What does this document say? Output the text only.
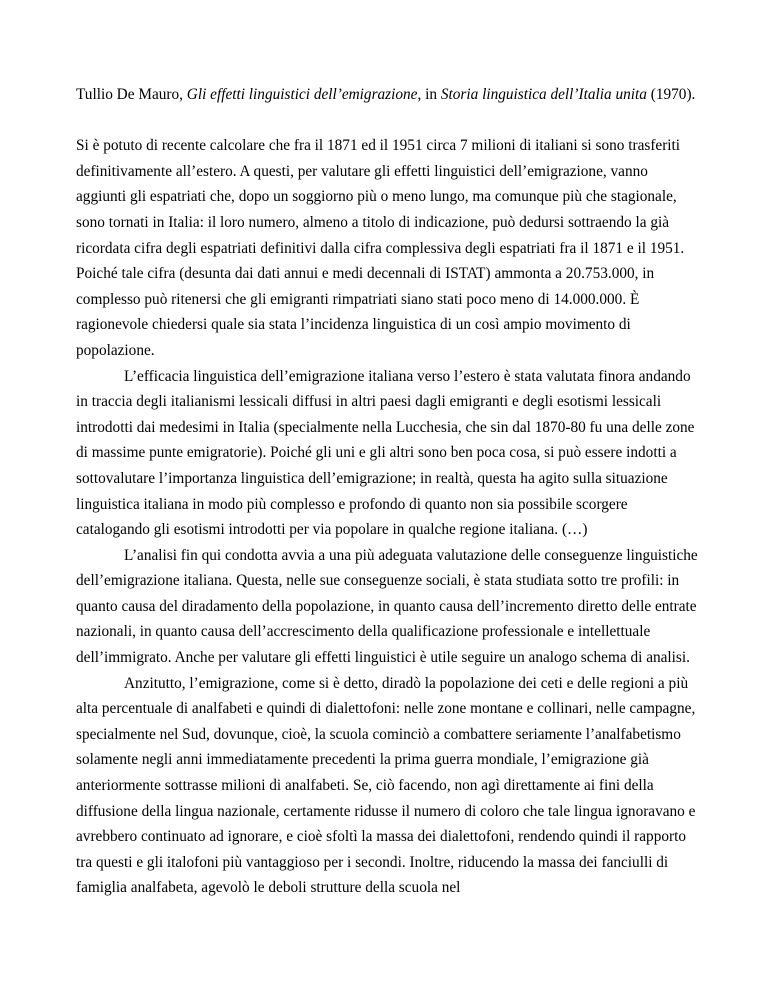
Tullio De Mauro, Gli effetti linguistici dell’emigrazione, in Storia linguistica dell’Italia unita (1970).

Si è potuto di recente calcolare che fra il 1871 ed il 1951 circa 7 milioni di italiani si sono trasferiti definitivamente all’estero. A questi, per valutare gli effetti linguistici dell’emigrazione, vanno aggiunti gli espatriati che, dopo un soggiorno più o meno lungo, ma comunque più che stagionale, sono tornati in Italia: il loro numero, almeno a titolo di indicazione, può dedursi sottraendo la già ricordata cifra degli espatriati definitivi dalla cifra complessiva degli espatriati fra il 1871 e il 1951. Poiché tale cifra (desunta dai dati annui e medi decennali di ISTAT) ammonta a 20.753.000, in complesso può ritenersi che gli emigranti rimpatriati siano stati poco meno di 14.000.000. È ragionevole chiedersi quale sia stata l’incidenza linguistica di un così ampio movimento di popolazione.

L’efficacia linguistica dell’emigrazione italiana verso l’estero è stata valutata finora andando in traccia degli italianismi lessicali diffusi in altri paesi dagli emigranti e degli esotismi lessicali introdotti dai medesimi in Italia (specialmente nella Lucchesia, che sin dal 1870-80 fu una delle zone di massime punte emigratorie). Poiché gli uni e gli altri sono ben poca cosa, si può essere indotti a sottovalutare l’importanza linguistica dell’emigrazione; in realtà, questa ha agito sulla situazione linguistica italiana in modo più complesso e profondo di quanto non sia possibile scorgere catalogando gli esotismi introdotti per via popolare in qualche regione italiana. (…)

L’analisi fin qui condotta avvia a una più adeguata valutazione delle conseguenze linguistiche dell’emigrazione italiana. Questa, nelle sue conseguenze sociali, è stata studiata sotto tre profili: in quanto causa del diradamento della popolazione, in quanto causa dell’incremento diretto delle entrate nazionali, in quanto causa dell’accrescimento della qualificazione professionale e intellettuale dell’immigrato. Anche per valutare gli effetti linguistici è utile seguire un analogo schema di analisi.

Anzitutto, l’emigrazione, come si è detto, diradò la popolazione dei ceti e delle regioni a più alta percentuale di analfabeti e quindi di dialettofoni: nelle zone montane e collinari, nelle campagne, specialmente nel Sud, dovunque, cioè, la scuola cominciò a combattere seriamente l’analfabetismo solamente negli anni immediatamente precedenti la prima guerra mondiale, l’emigrazione già anteriormente sottrasse milioni di analfabeti. Se, ciò facendo, non agì direttamente ai fini della diffusione della lingua nazionale, certamente ridusse il numero di coloro che tale lingua ignoravano e avrebbero continuato ad ignorare, e cioè sfoltì la massa dei dialettofoni, rendendo quindi il rapporto tra questi e gli italofoni più vantaggioso per i secondi. Inoltre, riducendo la massa dei fanciulli di famiglia analfabeta, agevolò le deboli strutture della scuola nel
